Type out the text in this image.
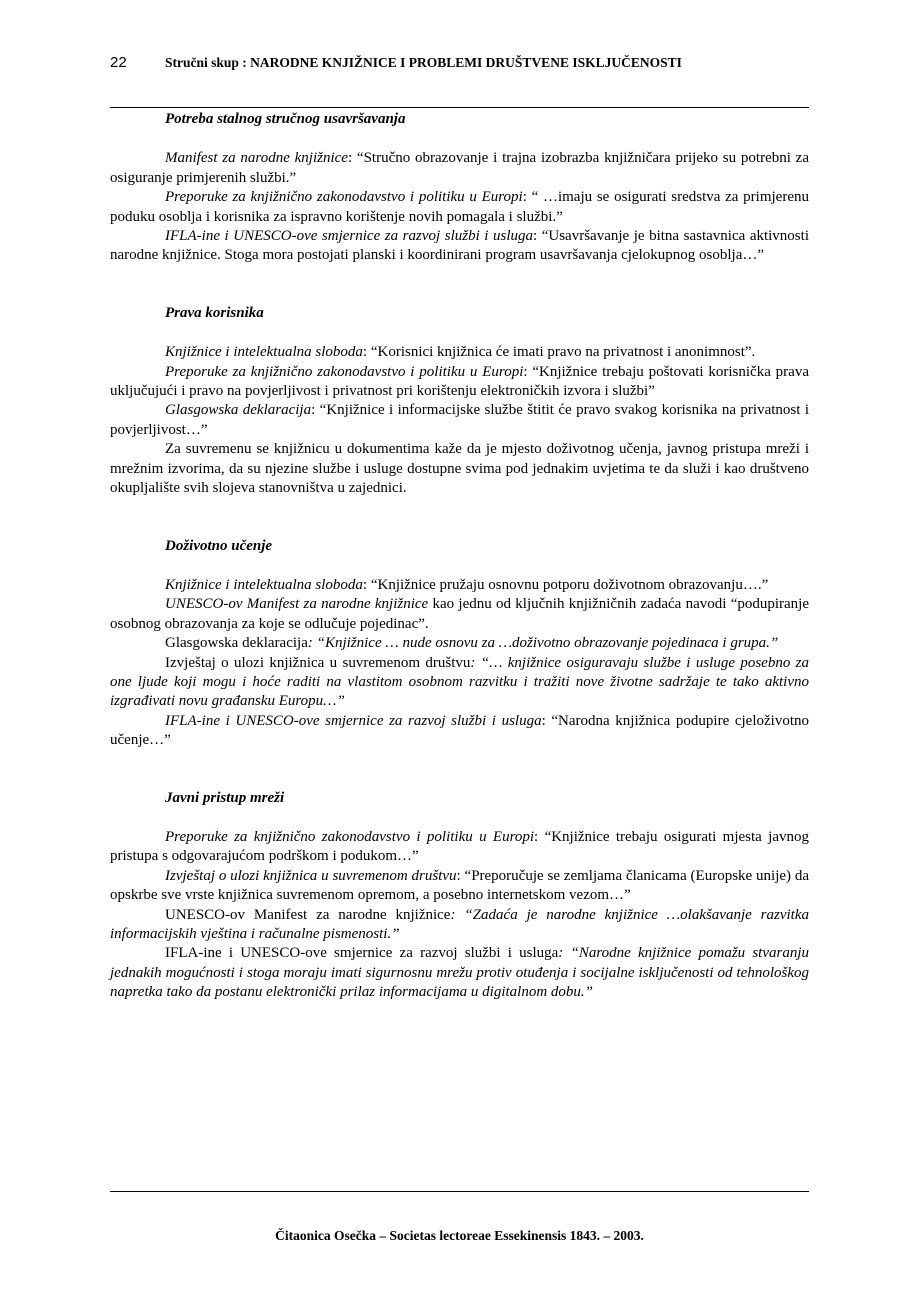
22	Stručni skup : NARODNE KNJIŽNICE I PROBLEMI DRUŠTVENE ISKLJUČENOSTI

Potreba stalnog stručnog usavršavanja

Manifest za narodne knjižnice: “Stručno obrazovanje i trajna izobrazba knjižničara prijeko su potrebni za osiguranje primjerenih službi.”

Preporuke za knjižnično zakonodavstvo i politiku u Europi: “ …imaju se osigurati sredstva za primjerenu poduku osoblja i korisnika za ispravno korištenje novih pomagala i službi.”

IFLA-ine i UNESCO-ove smjernice za razvoj službi i usluga: “Usavršavanje je bitna sastavnica aktivnosti narodne knjižnice. Stoga mora postojati planski i koordinirani program usavršavanja cjelokupnog osoblja…”

Prava korisnika

Knjižnice i intelektualna sloboda: “Korisnici knjižnica će imati pravo na privatnost i anonimnost”.

Preporuke za knjižnično zakonodavstvo i politiku u Europi: “Knjižnice trebaju poštovati korisnička prava uključujući i pravo na povjerljivost i privatnost pri korištenju elektroničkih izvora i službi”

Glasgowska deklaracija: “Knjižnice i informacijske službe štitit će pravo svakog korisnika na privatnost i povjerljivost…”

Za suvremenu se knjižnicu u dokumentima kaže da je mjesto doživotnog učenja, javnog pristupa mreži i mrežnim izvorima, da su njezine službe i usluge dostupne svima pod jednakim uvjetima te da služi i kao društveno okupljalište svih slojeva stanovništva u zajednici.

Doživotno učenje

Knjižnice i intelektualna sloboda: “Knjižnice pružaju osnovnu potporu doživotnom obrazovanju….”

UNESCO-ov Manifest za narodne knjižnice kao jednu od ključnih knjižničnih zadaća navodi “podupiranje osobnog obrazovanja za koje se odlučuje pojedinac”.

Glasgowska deklaracija: “Knjižnice … nude osnovu za …doživotno obrazovanje pojedinaca i grupa.”

Izvještaj o ulozi knjižnica u suvremenom društvu: “… knjižnice osiguravaju službe i usluge posebno za one ljude koji mogu i hoće raditi na vlastitom osobnom razvitku i tražiti nove životne sadržaje te tako aktivno izgrađivati novu građansku Europu…”

IFLA-ine i UNESCO-ove smjernice za razvoj službi i usluga: “Narodna knjižnica podupire cjeloživotno učenje…”

Javni pristup mreži

Preporuke za knjižnično zakonodavstvo i politiku u Europi: “Knjižnice trebaju osigurati mjesta javnog pristupa s odgovarajućom podrškom i podukom…”

Izvještaj o ulozi knjižnica u suvremenom društvu: “Preporučuje se zemljama članicama (Europske unije) da opskrbe sve vrste knjižnica suvremenom opremom, a posebno internetskom vezom…”

UNESCO-ov Manifest za narodne knjižnice: “Zadaća je narodne knjižnice …olakšavanje razvitka informacijskih vještina i računalne pismenosti.”

IFLA-ine i UNESCO-ove smjernice za razvoj službi i usluga: “Narodne knjižnice pomažu stvaranju jednakih mogućnosti i stoga moraju imati sigurnosnu mrežu protiv otuđenja i socijalne isključenosti od tehnološkog napretka tako da postanu elektronički prilaz informacijama u digitalnom dobu.”

Čitaonica Osečka – Societas lectoreae Essekinensis 1843. – 2003.
